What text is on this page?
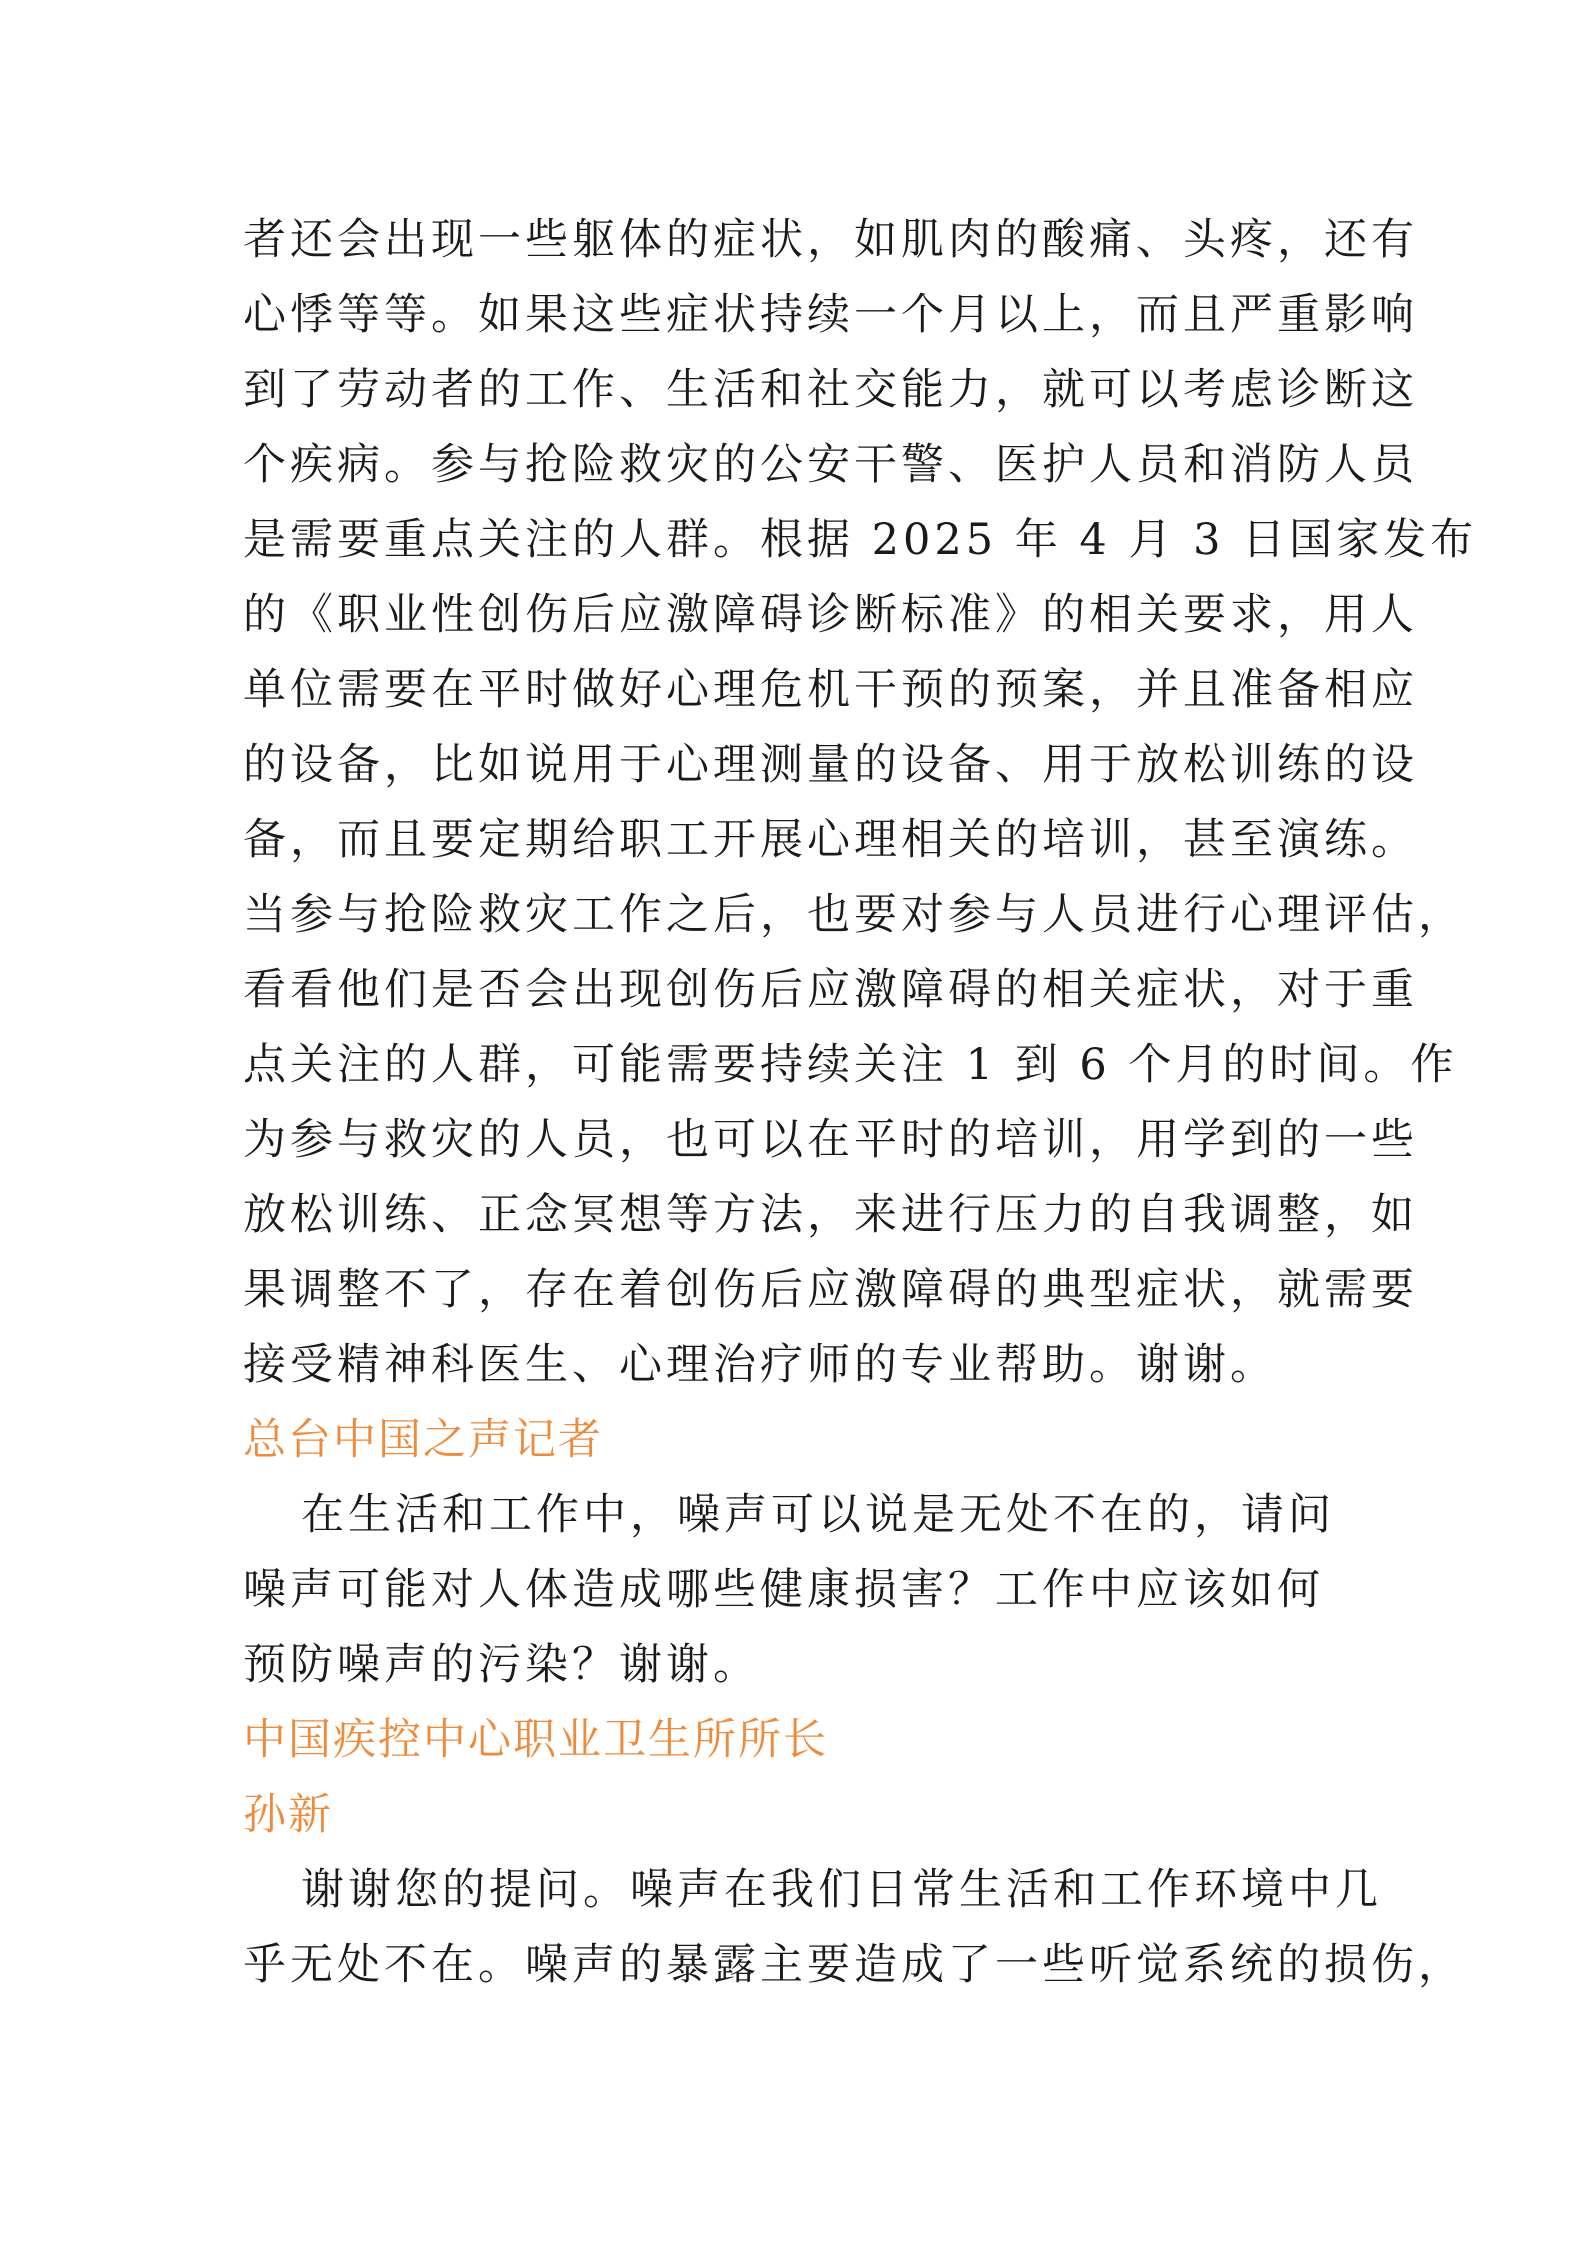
者还会出现一些躯体的症状，如肌肉的酸痛、头疼，还有
心悸等等。如果这些症状持续一个月以上，而且严重影响
到了劳动者的工作、生活和社交能力，就可以考虑诊断这
个疾病。参与抢险救灾的公安干警、医护人员和消防人员
是需要重点关注的人群。根据 2025 年 4 月 3 日国家发布
的《职业性创伤后应激障碍诊断标准》的相关要求，用人
单位需要在平时做好心理危机干预的预案，并且准备相应
的设备，比如说用于心理测量的设备、用于放松训练的设
备，而且要定期给职工开展心理相关的培训，甚至演练。
当参与抢险救灾工作之后，也要对参与人员进行心理评估，
看看他们是否会出现创伤后应激障碍的相关症状，对于重
点关注的人群，可能需要持续关注 1 到 6 个月的时间。作
为参与救灾的人员，也可以在平时的培训，用学到的一些
放松训练、正念冥想等方法，来进行压力的自我调整，如
果调整不了，存在着创伤后应激障碍的典型症状，就需要
接受精神科医生、心理治疗师的专业帮助。谢谢。
总台中国之声记者
在生活和工作中，噪声可以说是无处不在的，请问
噪声可能对人体造成哪些健康损害？工作中应该如何
预防噪声的污染？谢谢。
中国疾控中心职业卫生所所长
孙新
谢谢您的提问。噪声在我们日常生活和工作环境中几
乎无处不在。噪声的暴露主要造成了一些听觉系统的损伤，
